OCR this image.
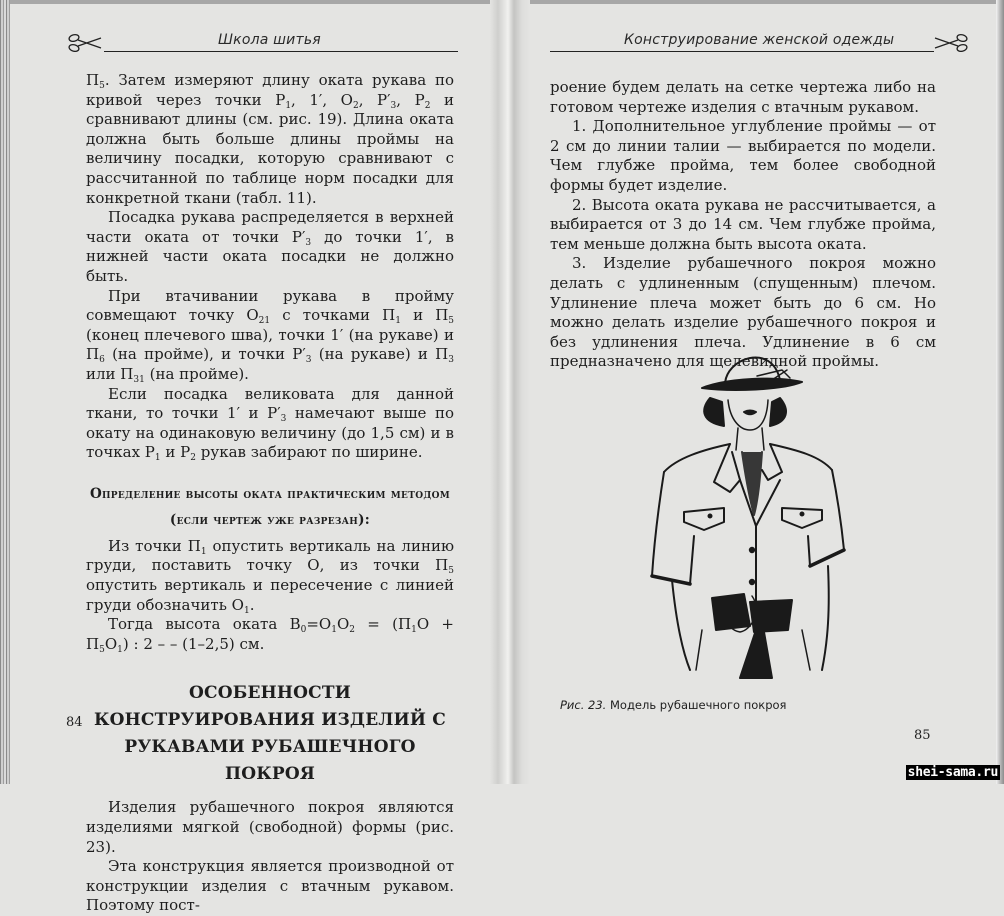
Школа шитья

$П_5$. Затем измеряют длину оката рукава по кривой через точки $Р_1$, 1′, $О_2$, $Р'_3$, $Р_2$ и сравнивают длины (см. рис. 19). Длина оката должна быть больше длины проймы на величину посадки, которую сравнивают с рассчитанной по таблице норм посадки для конкретной ткани (табл. 11).

Посадка рукава распределяется в верхней части оката от точки $Р'_3$ до точки 1′, в нижней части оката посадки не должно быть.

При втачивании рукава в пройму совмещают точку $О_{21}$ с точками $П_1$ и $П_5$ (конец плечевого шва), точки 1′ (на рукаве) и $П_6$ (на пройме), и точки $Р'_3$ (на рукаве) и $П_3$ или $П_{31}$ (на пройме).

Если посадка великовата для данной ткани, то точки 1′ и $Р'_3$ намечают выше по окату на одинаковую величину (до 1,5 см) и в точках $Р_1$ и $Р_2$ рукав забирают по ширине.

Определение высоты оката практическим методом (если чертеж уже разрезан):

Из точки $П_1$ опустить вертикаль на линию груди, поставить точку О, из точки $П_5$ опустить вертикаль и пересечение с линией груди обозначить $О_1$.

Тогда высота оката $В_0=О_1О_2 = (П_1О + П_5О_1)$ : 2 – – (1–2,5) см.

ОСОБЕННОСТИ КОНСТРУИРОВАНИЯ ИЗДЕЛИЙ С РУКАВАМИ РУБАШЕЧНОГО ПОКРОЯ

Изделия рубашечного покроя являются изделиями мягкой (свободной) формы (рис. 23).

Эта конструкция является производной от конструкции изделия с втачным рукавом. Поэтому пост-

84
Конструирование женской одежды

роение будем делать на сетке чертежа либо на готовом чертеже изделия с втачным рукавом.

1. Дополнительное углубление проймы — от 2 см до линии талии — выбирается по модели. Чем глубже пройма, тем более свободной формы будет изделие.

2. Высота оката рукава не рассчитывается, а выбирается от 3 до 14 см. Чем глубже пройма, тем меньше должна быть высота оката.

3. Изделие рубашечного покроя можно делать с удлиненным (спущенным) плечом. Удлинение плеча может быть до 6 см. Но можно делать изделие рубашечного покроя и без удлинения плеча. Удлинение в 6 см предназначено для щелевидной проймы.

Рис. 23. Модель рубашечного покроя
85
shei-sama.ru
